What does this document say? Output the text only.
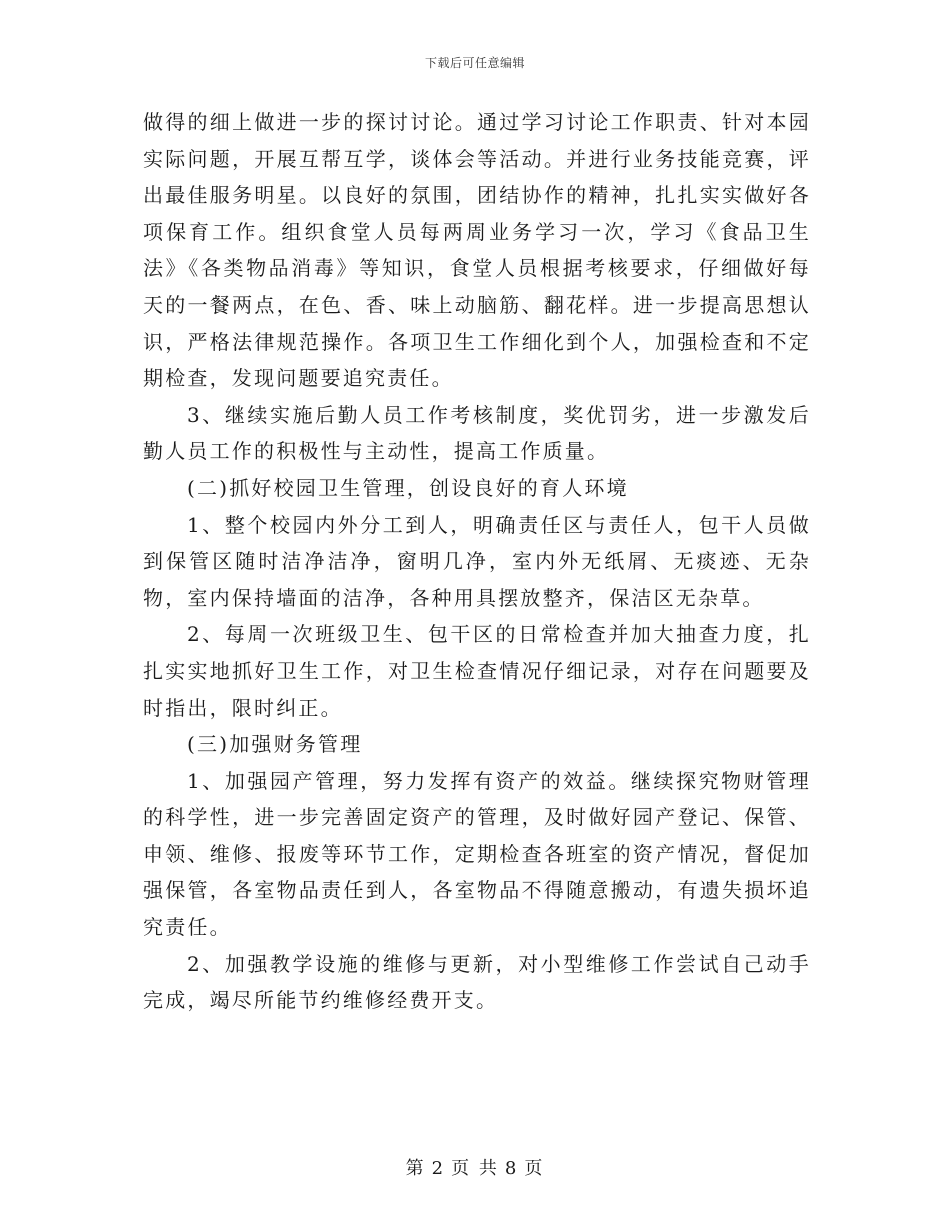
下载后可任意编辑

做得的细上做进一步的探讨讨论。通过学习讨论工作职责、针对本园实际问题，开展互帮互学，谈体会等活动。并进行业务技能竞赛，评出最佳服务明星。以良好的氛围，团结协作的精神，扎扎实实做好各项保育工作。组织食堂人员每两周业务学习一次，学习《食品卫生法》《各类物品消毒》等知识，食堂人员根据考核要求，仔细做好每天的一餐两点，在色、香、味上动脑筋、翻花样。进一步提高思想认识，严格法律规范操作。各项卫生工作细化到个人，加强检查和不定期检查，发现问题要追究责任。

3、继续实施后勤人员工作考核制度，奖优罚劣，进一步激发后勤人员工作的积极性与主动性，提高工作质量。

(二)抓好校园卫生管理，创设良好的育人环境

1、整个校园内外分工到人，明确责任区与责任人，包干人员做到保管区随时洁净洁净，窗明几净，室内外无纸屑、无痰迹、无杂物，室内保持墙面的洁净，各种用具摆放整齐，保洁区无杂草。

2、每周一次班级卫生、包干区的日常检查并加大抽查力度，扎扎实实地抓好卫生工作，对卫生检查情况仔细记录，对存在问题要及时指出，限时纠正。

(三)加强财务管理

1、加强园产管理，努力发挥有资产的效益。继续探究物财管理的科学性，进一步完善固定资产的管理，及时做好园产登记、保管、申领、维修、报废等环节工作，定期检查各班室的资产情况，督促加强保管，各室物品责任到人，各室物品不得随意搬动，有遗失损坏追究责任。

2、加强教学设施的维修与更新，对小型维修工作尝试自己动手完成，竭尽所能节约维修经费开支。

第 2 页 共 8 页
